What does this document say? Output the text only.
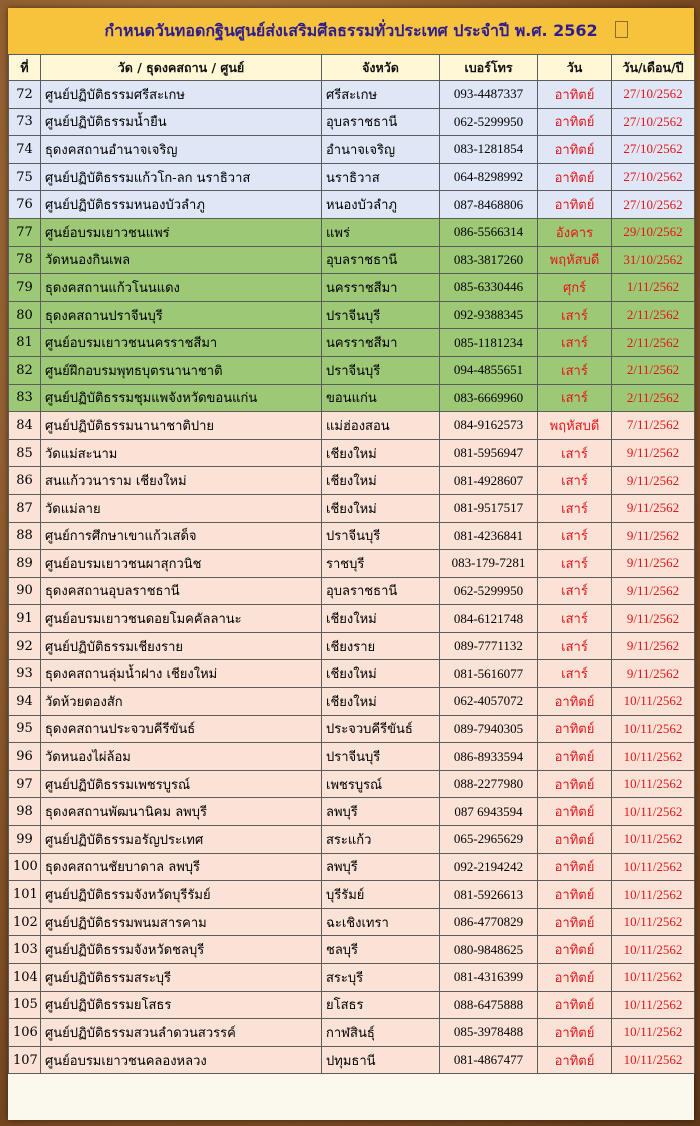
กำหนดวันทอดกฐินศูนย์ส่งเสริมศีลธรรมทั่วประเทศ ประจำปี พ.ศ. 2562
ที่	วัด / ธุดงคสถาน / ศูนย์	จังหวัด	เบอร์โทร	วัน	วัน/เดือน/ปี
72	ศูนย์ปฏิบัติธรรมศรีสะเกษ	ศรีสะเกษ	093-4487337	อาทิตย์	27/10/2562
73	ศูนย์ปฏิบัติธรรมน้ำยืน	อุบลราชธานี	062-5299950	อาทิตย์	27/10/2562
74	ธุดงคสถานอำนาจเจริญ	อำนาจเจริญ	083-1281854	อาทิตย์	27/10/2562
75	ศูนย์ปฏิบัติธรรมแก้วโก-ลก นราธิวาส	นราธิวาส	064-8298992	อาทิตย์	27/10/2562
76	ศูนย์ปฏิบัติธรรมหนองบัวลำภู	หนองบัวลำภู	087-8468806	อาทิตย์	27/10/2562
77	ศูนย์อบรมเยาวชนแพร่	แพร่	086-5566314	อังคาร	29/10/2562
78	วัดหนองกินเพล	อุบลราชธานี	083-3817260	พฤหัสบดี	31/10/2562
79	ธุดงคสถานแก้วโนนแดง	นครราชสีมา	085-6330446	ศุกร์	1/11/2562
80	ธุดงคสถานปราจีนบุรี	ปราจีนบุรี	092-9388345	เสาร์	2/11/2562
81	ศูนย์อบรมเยาวชนนครราชสีมา	นครราชสีมา	085-1181234	เสาร์	2/11/2562
82	ศูนย์ฝึกอบรมพุทธบุตรนานาชาติ	ปราจีนบุรี	094-4855651	เสาร์	2/11/2562
83	ศูนย์ปฏิบัติธรรมชุมแพจังหวัดขอนแก่น	ขอนแก่น	083-6669960	เสาร์	2/11/2562
84	ศูนย์ปฏิบัติธรรมนานาชาติปาย	แม่ฮ่องสอน	084-9162573	พฤหัสบดี	7/11/2562
85	วัดแม่สะนาม	เชียงใหม่	081-5956947	เสาร์	9/11/2562
86	สนแก้ววนาราม เชียงใหม่	เชียงใหม่	081-4928607	เสาร์	9/11/2562
87	วัดแม่ลาย	เชียงใหม่	081-9517517	เสาร์	9/11/2562
88	ศูนย์การศึกษาเขาแก้วเสด็จ	ปราจีนบุรี	081-4236841	เสาร์	9/11/2562
89	ศูนย์อบรมเยาวชนผาสุกวนิช	ราชบุรี	083-179-7281	เสาร์	9/11/2562
90	ธุดงคสถานอุบลราชธานี	อุบลราชธานี	062-5299950	เสาร์	9/11/2562
91	ศูนย์อบรมเยาวชนดอยโมคคัลลานะ	เชียงใหม่	084-6121748	เสาร์	9/11/2562
92	ศูนย์ปฏิบัติธรรมเชียงราย	เชียงราย	089-7771132	เสาร์	9/11/2562
93	ธุดงคสถานลุ่มน้ำฝาง เชียงใหม่	เชียงใหม่	081-5616077	เสาร์	9/11/2562
94	วัดห้วยตองสัก	เชียงใหม่	062-4057072	อาทิตย์	10/11/2562
95	ธุดงคสถานประจวบคีรีขันธ์	ประจวบคีรีขันธ์	089-7940305	อาทิตย์	10/11/2562
96	วัดหนองไผ่ล้อม	ปราจีนบุรี	086-8933594	อาทิตย์	10/11/2562
97	ศูนย์ปฏิบัติธรรมเพชรบูรณ์	เพชรบูรณ์	088-2277980	อาทิตย์	10/11/2562
98	ธุดงคสถานพัฒนานิคม ลพบุรี	ลพบุรี	087 6943594	อาทิตย์	10/11/2562
99	ศูนย์ปฏิบัติธรรมอรัญประเทศ	สระแก้ว	065-2965629	อาทิตย์	10/11/2562
100	ธุดงคสถานชัยบาดาล ลพบุรี	ลพบุรี	092-2194242	อาทิตย์	10/11/2562
101	ศูนย์ปฏิบัติธรรมจังหวัดบุรีรัมย์	บุรีรัมย์	081-5926613	อาทิตย์	10/11/2562
102	ศูนย์ปฏิบัติธรรมพนมสารคาม	ฉะเชิงเทรา	086-4770829	อาทิตย์	10/11/2562
103	ศูนย์ปฏิบัติธรรมจังหวัดชลบุรี	ชลบุรี	080-9848625	อาทิตย์	10/11/2562
104	ศูนย์ปฏิบัติธรรมสระบุรี	สระบุรี	081-4316399	อาทิตย์	10/11/2562
105	ศูนย์ปฏิบัติธรรมยโสธร	ยโสธร	088-6475888	อาทิตย์	10/11/2562
106	ศูนย์ปฏิบัติธรรมสวนลำดวนสวรรค์	กาฬสินธุ์	085-3978488	อาทิตย์	10/11/2562
107	ศูนย์อบรมเยาวชนคลองหลวง	ปทุมธานี	081-4867477	อาทิตย์	10/11/2562
